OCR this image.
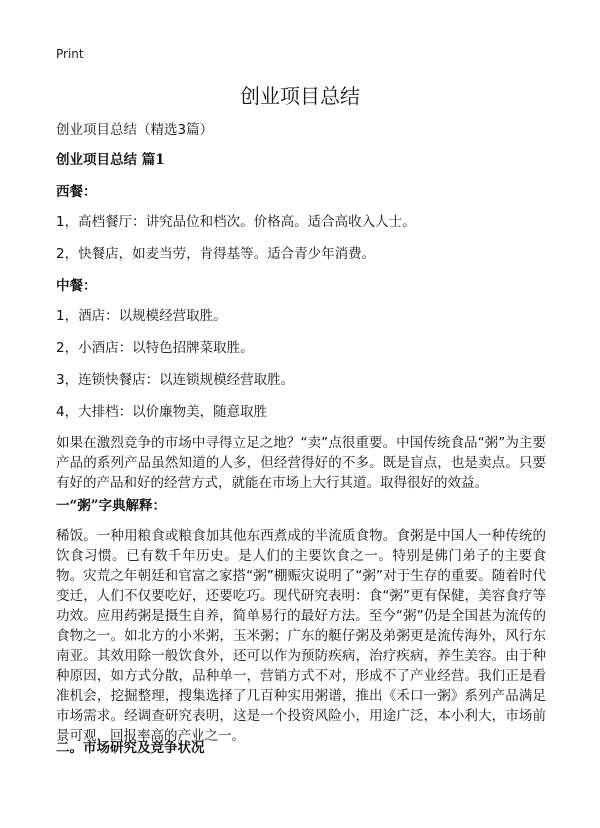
Print
创业项目总结

创业项目总结（精选3篇）

创业项目总结 篇1

西餐：

1，高档餐厅：讲究品位和档次。价格高。适合高收入人士。

2，快餐店，如麦当劳，肯得基等。适合青少年消费。

中餐：

1，酒店：以规模经营取胜。

2，小酒店：以特色招牌菜取胜。

3，连锁快餐店：以连锁规模经营取胜。

4，大排档：以价廉物美，随意取胜

如果在激烈竞争的市场中寻得立足之地？“卖”点很重要。中国传统食品“粥”为主要产品的系列产品虽然知道的人多，但经营得好的不多。既是盲点，也是卖点。只要有好的产品和好的经营方式，就能在市场上大行其道。取得很好的效益。

一“粥”字典解释：

稀饭。一种用粮食或粮食加其他东西煮成的半流质食物。食粥是中国人一种传统的饮食习惯。已有数千年历史。是人们的主要饮食之一。特别是佛门弟子的主要食物。灾荒之年朝廷和官富之家搭“粥”棚赈灾说明了“粥”对于生存的重要。随着时代变迁，人们不仅要吃好，还要吃巧。现代研究表明：食“粥”更有保健，美容食疗等功效。应用药粥是摄生自养，简单易行的最好方法。至今“粥”仍是全国甚为流传的食物之一。如北方的小米粥，玉米粥；广东的艇仔粥及弟粥更是流传海外，风行东南亚。其效用除一般饮食外，还可以作为预防疾病，治疗疾病，养生美容。由于种种原因，如方式分散，品种单一，营销方式不对，形成不了产业经营。我们正是看准机会，挖掘整理，搜集选择了几百种实用粥谱，推出《禾口一粥》系列产品满足市场需求。经调查研究表明，这是一个投资风险小，用途广泛，本小利大，市场前景可观，回报率高的产业之一。

二。市场研究及竞争状况
